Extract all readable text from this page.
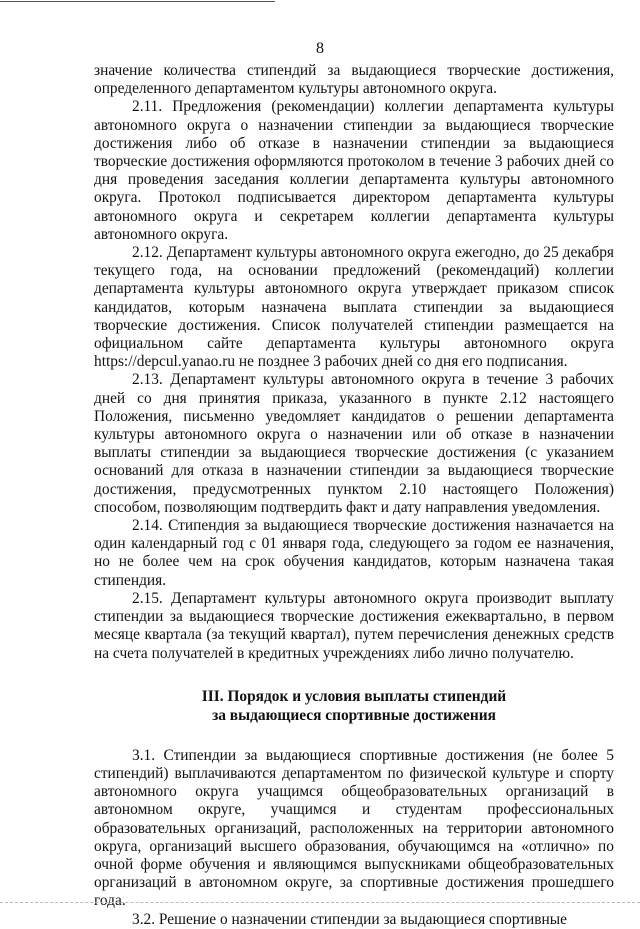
8

значение количества стипендий за выдающиеся творческие достижения, определенного департаментом культуры автономного округа.

2.11. Предложения (рекомендации) коллегии департамента культуры автономного округа о назначении стипендии за выдающиеся творческие достижения либо об отказе в назначении стипендии за выдающиеся творческие достижения оформляются протоколом в течение 3 рабочих дней со дня проведения заседания коллегии департамента культуры автономного округа. Протокол подписывается директором департамента культуры автономного округа и секретарем коллегии департамента культуры автономного округа.

2.12. Департамент культуры автономного округа ежегодно, до 25 декабря текущего года, на основании предложений (рекомендаций) коллегии департамента культуры автономного округа утверждает приказом список кандидатов, которым назначена выплата стипендии за выдающиеся творческие достижения. Список получателей стипендии размещается на официальном сайте департамента культуры автономного округа https://depcul.yanao.ru не позднее 3 рабочих дней со дня его подписания.

2.13. Департамент культуры автономного округа в течение 3 рабочих дней со дня принятия приказа, указанного в пункте 2.12 настоящего Положения, письменно уведомляет кандидатов о решении департамента культуры автономного округа о назначении или об отказе в назначении выплаты стипендии за выдающиеся творческие достижения (с указанием оснований для отказа в назначении стипендии за выдающиеся творческие достижения, предусмотренных пунктом 2.10 настоящего Положения) способом, позволяющим подтвердить факт и дату направления уведомления.

2.14. Стипендия за выдающиеся творческие достижения назначается на один календарный год с 01 января года, следующего за годом ее назначения, но не более чем на срок обучения кандидатов, которым назначена такая стипендия.

2.15. Департамент культуры автономного округа производит выплату стипендии за выдающиеся творческие достижения ежеквартально, в первом месяце квартала (за текущий квартал), путем перечисления денежных средств на счета получателей в кредитных учреждениях либо лично получателю.

III. Порядок и условия выплаты стипендий
за выдающиеся спортивные достижения

3.1. Стипендии за выдающиеся спортивные достижения (не более 5 стипендий) выплачиваются департаментом по физической культуре и спорту автономного округа учащимся общеобразовательных организаций в автономном округе, учащимся и студентам профессиональных образовательных организаций, расположенных на территории автономного округа, организаций высшего образования, обучающимся на «отлично» по очной форме обучения и являющимся выпускниками общеобразовательных организаций в автономном округе, за спортивные достижения прошедшего года.

3.2. Решение о назначении стипендии за выдающиеся спортивные
